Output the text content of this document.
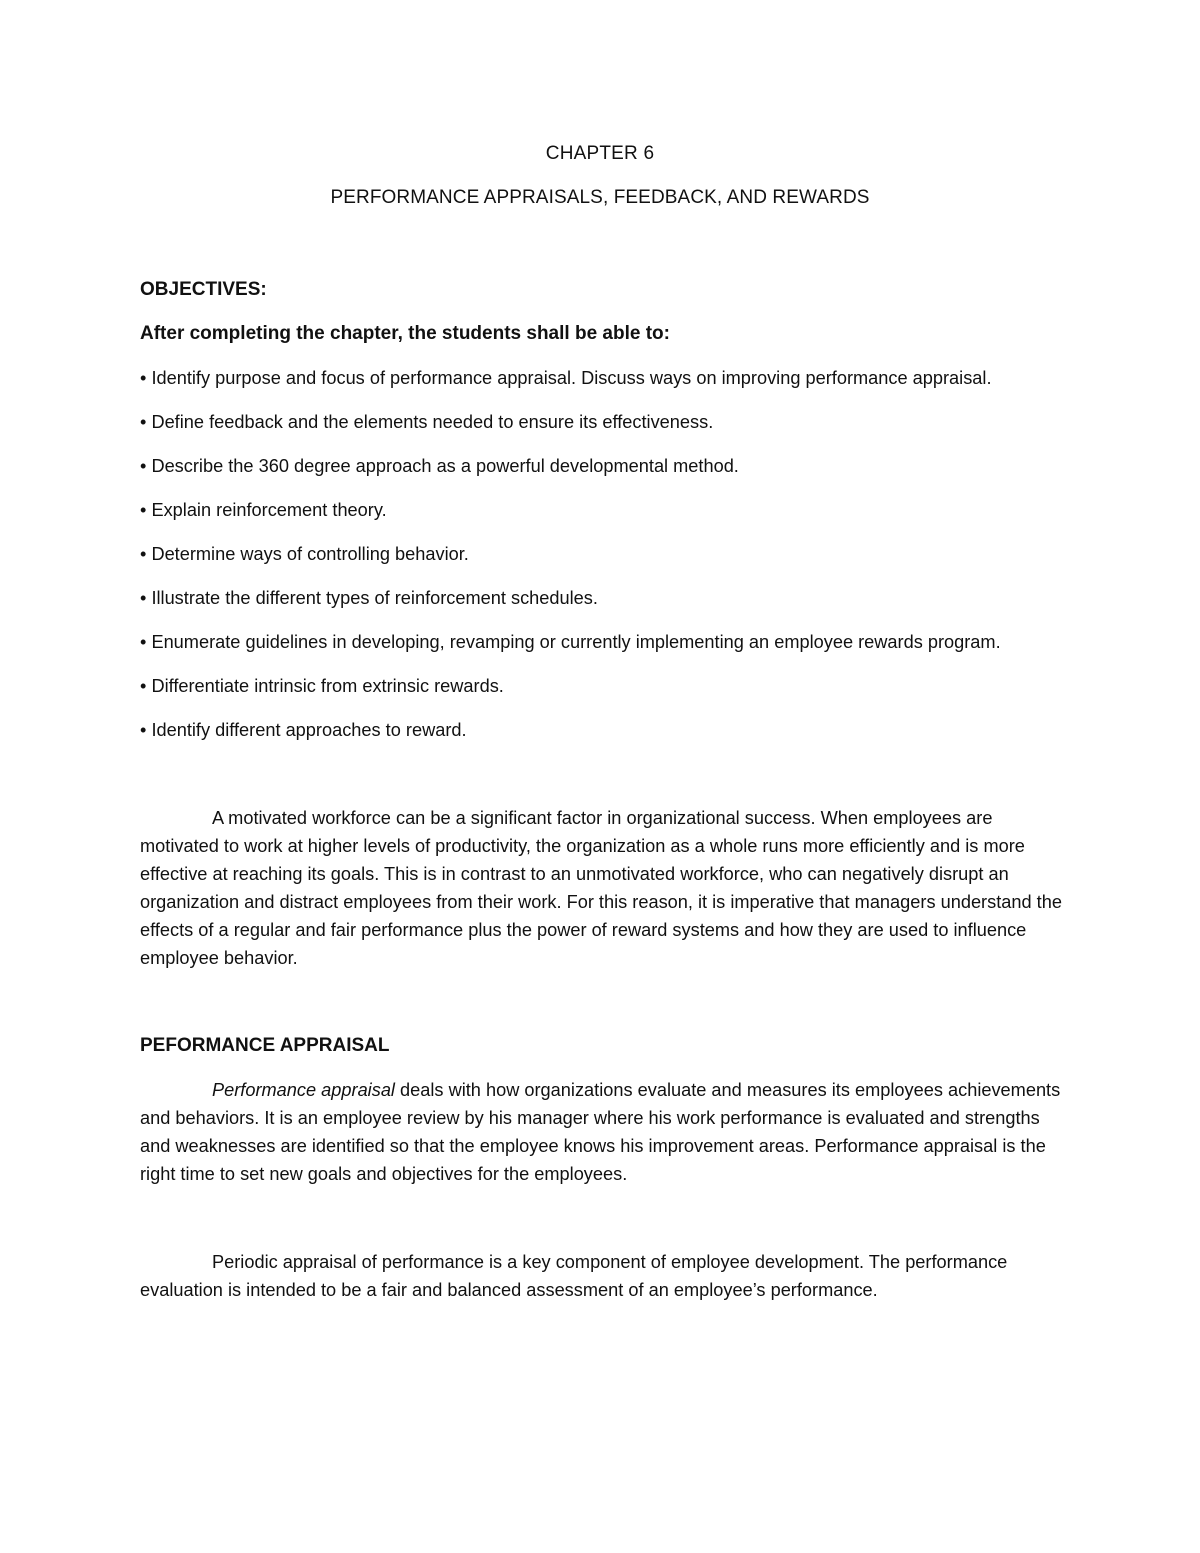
CHAPTER 6
PERFORMANCE APPRAISALS, FEEDBACK, AND REWARDS

OBJECTIVES:

After completing the chapter, the students shall be able to:

• Identify purpose and focus of performance appraisal. Discuss ways on improving performance appraisal.
• Define feedback and the elements needed to ensure its effectiveness.
• Describe the 360 degree approach as a powerful developmental method.
• Explain reinforcement theory.
• Determine ways of controlling behavior.
• Illustrate the different types of reinforcement schedules.
• Enumerate guidelines in developing, revamping or currently implementing an employee rewards program.
• Differentiate intrinsic from extrinsic rewards.
• Identify different approaches to reward.

A motivated workforce can be a significant factor in organizational success. When employees are motivated to work at higher levels of productivity, the organization as a whole runs more efficiently and is more effective at reaching its goals. This is in contrast to an unmotivated workforce, who can negatively disrupt an organization and distract employees from their work. For this reason, it is imperative that managers understand the effects of a regular and fair performance plus the power of reward systems and how they are used to influence employee behavior.

PEFORMANCE APPRAISAL

Performance appraisal deals with how organizations evaluate and measures its employees achievements and behaviors. It is an employee review by his manager where his work performance is evaluated and strengths and weaknesses are identified so that the employee knows his improvement areas. Performance appraisal is the right time to set new goals and objectives for the employees.

Periodic appraisal of performance is a key component of employee development. The performance evaluation is intended to be a fair and balanced assessment of an employee’s performance.
